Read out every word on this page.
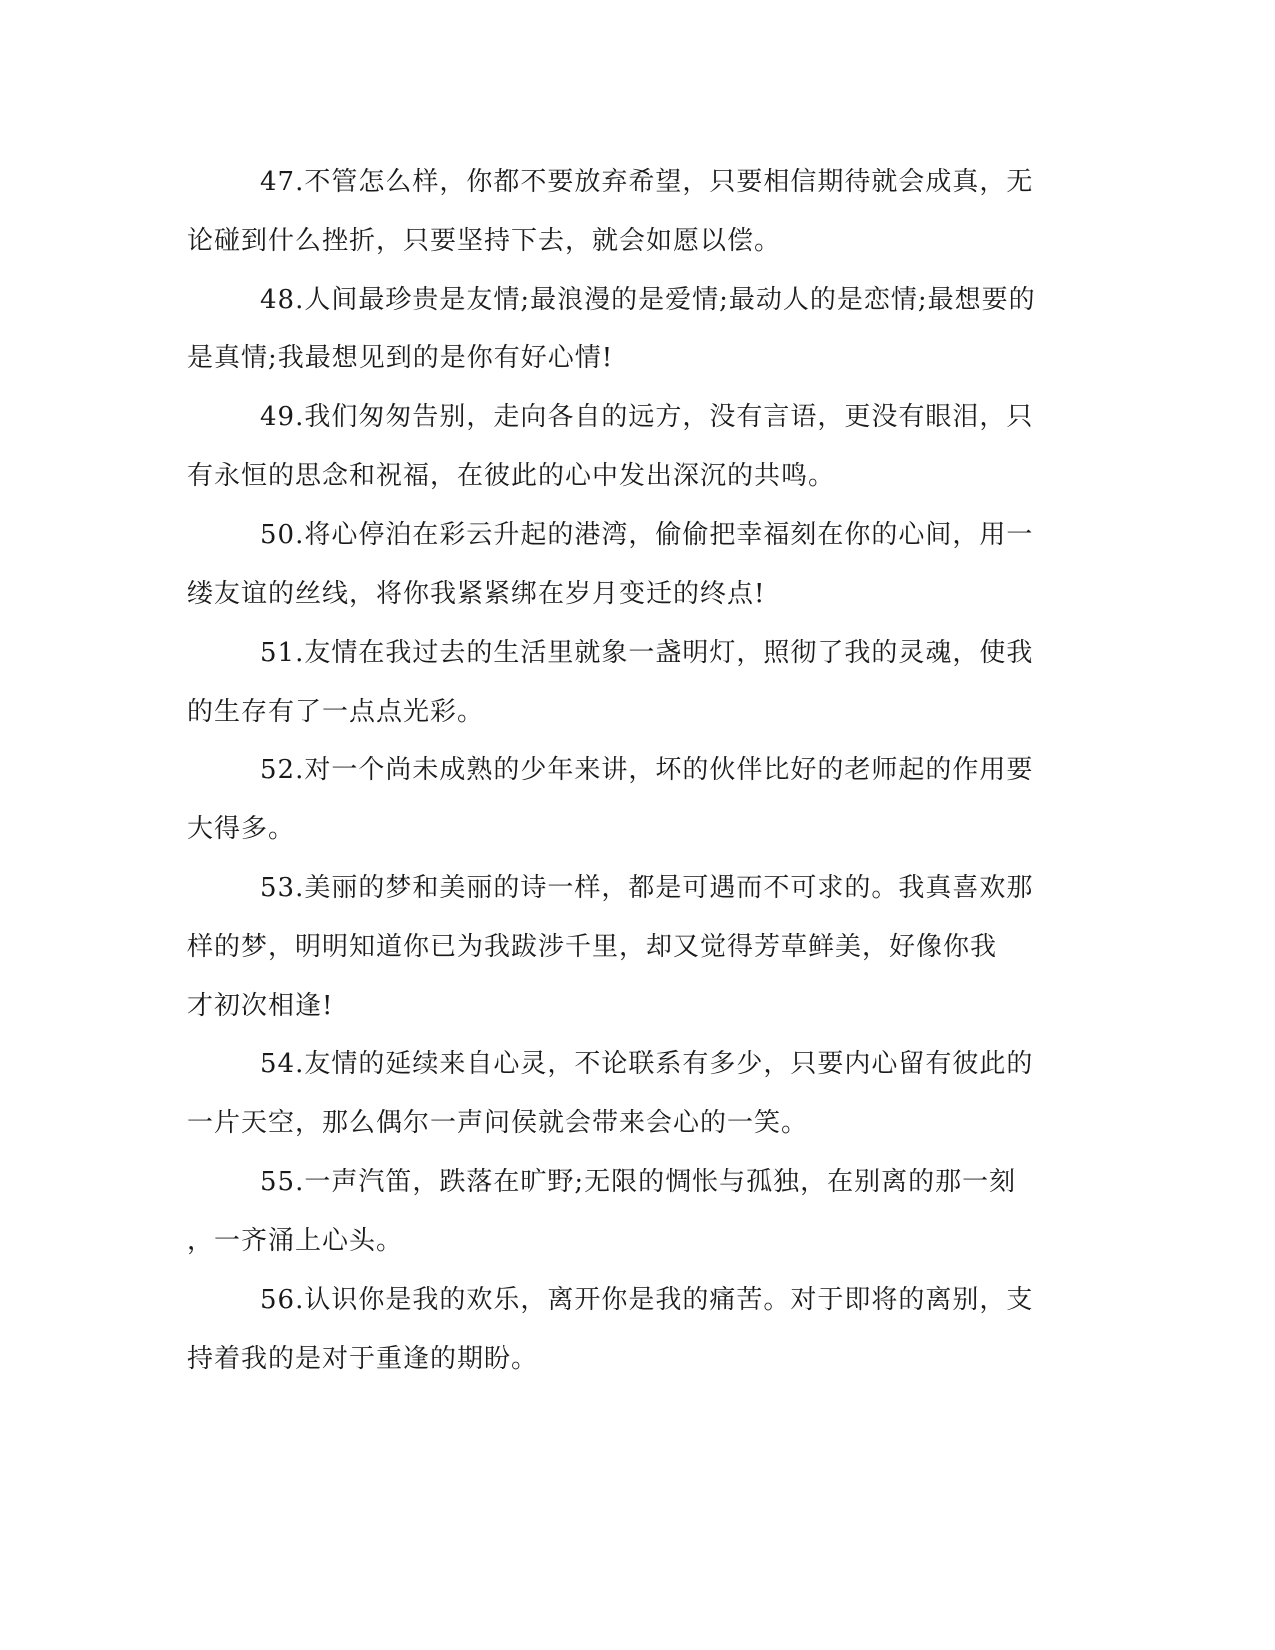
47.不管怎么样，你都不要放弃希望，只要相信期待就会成真，无

论碰到什么挫折，只要坚持下去，就会如愿以偿。

48.人间最珍贵是友情;最浪漫的是爱情;最动人的是恋情;最想要的

是真情;我最想见到的是你有好心情!

49.我们匆匆告别，走向各自的远方，没有言语，更没有眼泪，只

有永恒的思念和祝福，在彼此的心中发出深沉的共鸣。

50.将心停泊在彩云升起的港湾，偷偷把幸福刻在你的心间，用一

缕友谊的丝线，将你我紧紧绑在岁月变迁的终点!

51.友情在我过去的生活里就象一盏明灯，照彻了我的灵魂，使我

的生存有了一点点光彩。

52.对一个尚未成熟的少年来讲，坏的伙伴比好的老师起的作用要

大得多。

53.美丽的梦和美丽的诗一样，都是可遇而不可求的。我真喜欢那

样的梦，明明知道你已为我跋涉千里，却又觉得芳草鲜美，好像你我

才初次相逢!

54.友情的延续来自心灵，不论联系有多少，只要内心留有彼此的

一片天空，那么偶尔一声问侯就会带来会心的一笑。

55.一声汽笛，跌落在旷野;无限的惆怅与孤独，在别离的那一刻

，一齐涌上心头。

56.认识你是我的欢乐，离开你是我的痛苦。对于即将的离别，支

持着我的是对于重逢的期盼。
